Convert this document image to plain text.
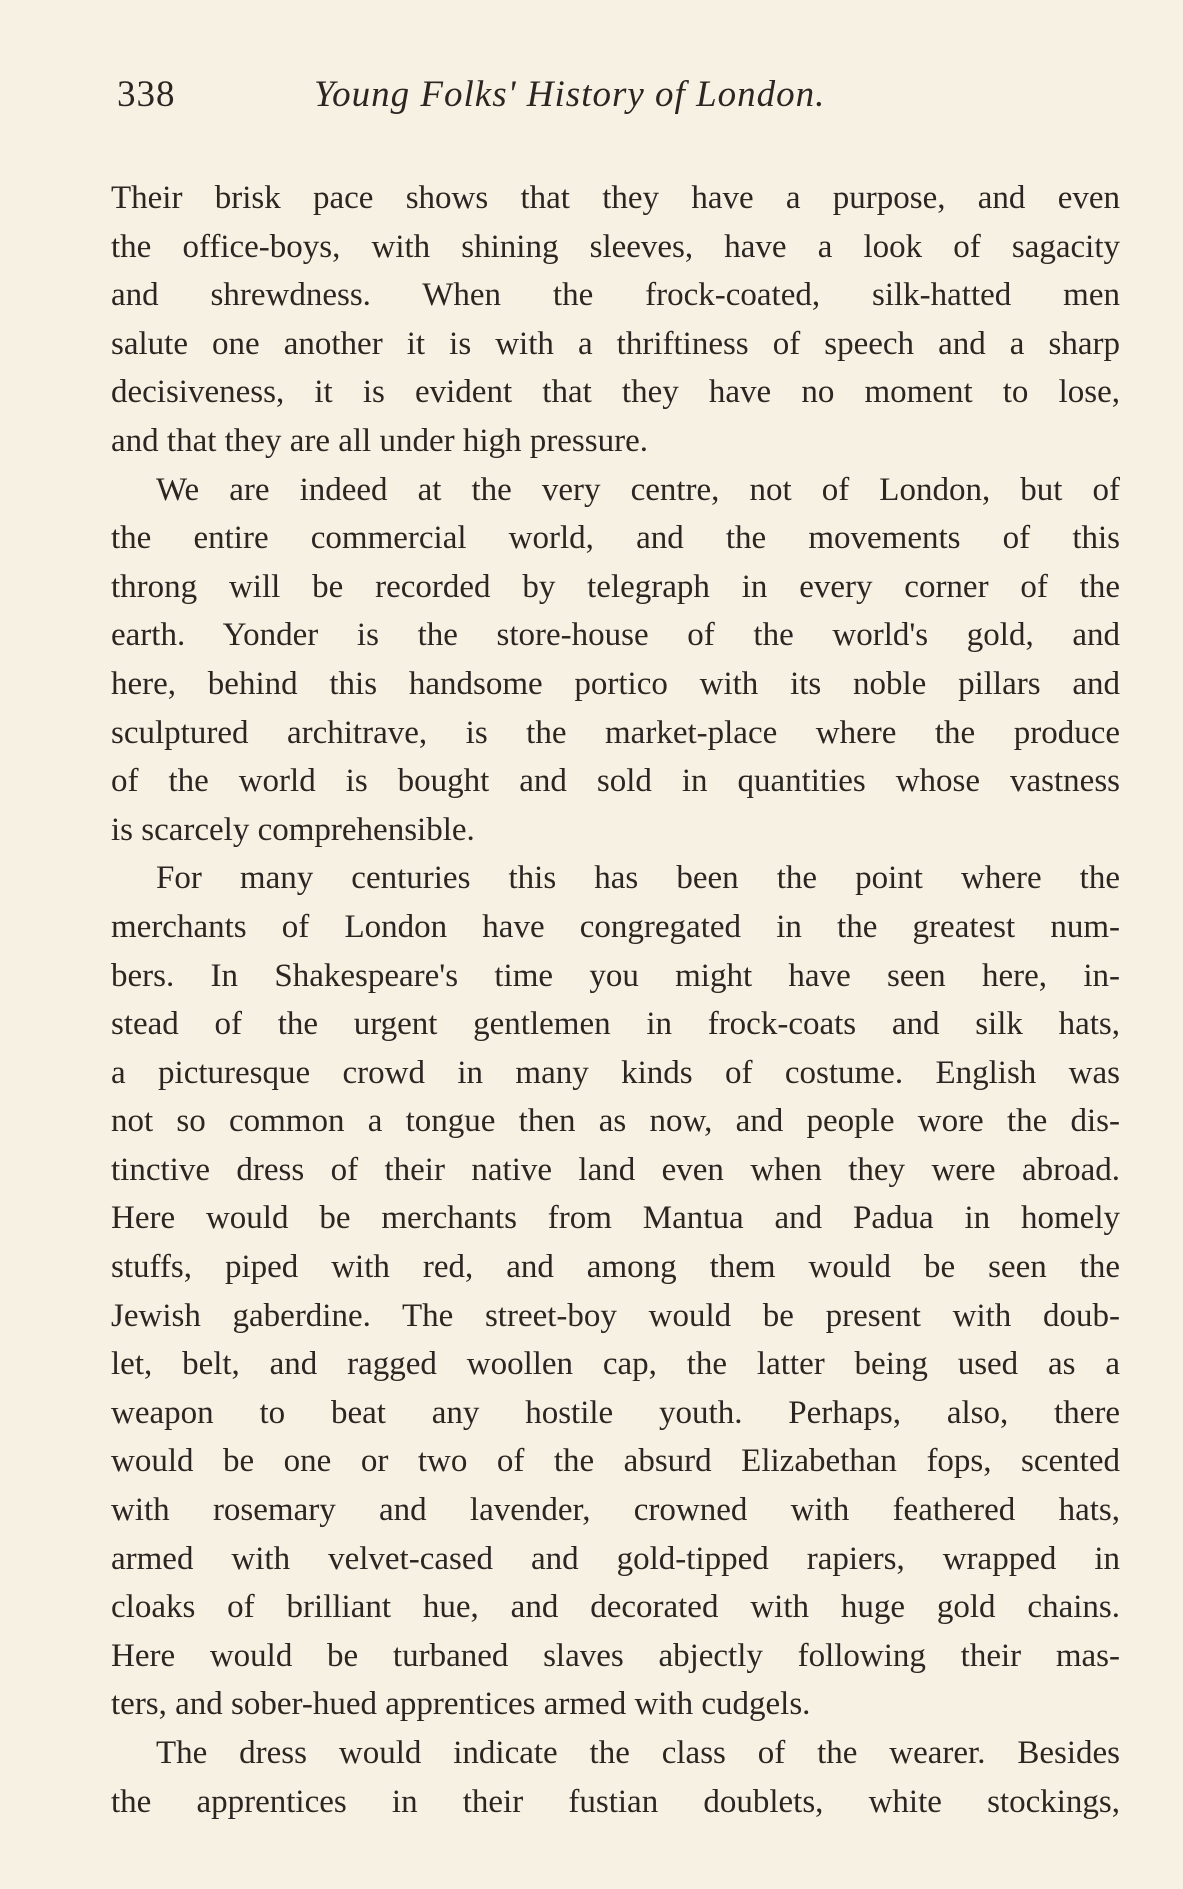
338	Young Folks' History of London.

Their brisk pace shows that they have a purpose, and even

the office-boys, with shining sleeves, have a look of sagacity

and shrewdness. When the frock-coated, silk-hatted men

salute one another it is with a thriftiness of speech and a sharp

decisiveness, it is evident that they have no moment to lose,

and that they are all under high pressure.

We are indeed at the very centre, not of London, but of

the entire commercial world, and the movements of this

throng will be recorded by telegraph in every corner of the

earth. Yonder is the store-house of the world's gold, and

here, behind this handsome portico with its noble pillars and

sculptured architrave, is the market-place where the produce

of the world is bought and sold in quantities whose vastness

is scarcely comprehensible.

For many centuries this has been the point where the

merchants of London have congregated in the greatest num-

bers. In Shakespeare's time you might have seen here, in-

stead of the urgent gentlemen in frock-coats and silk hats,

a picturesque crowd in many kinds of costume. English was

not so common a tongue then as now, and people wore the dis-

tinctive dress of their native land even when they were abroad.

Here would be merchants from Mantua and Padua in homely

stuffs, piped with red, and among them would be seen the

Jewish gaberdine. The street-boy would be present with doub-

let, belt, and ragged woollen cap, the latter being used as a

weapon to beat any hostile youth. Perhaps, also, there

would be one or two of the absurd Elizabethan fops, scented

with rosemary and lavender, crowned with feathered hats,

armed with velvet-cased and gold-tipped rapiers, wrapped in

cloaks of brilliant hue, and decorated with huge gold chains.

Here would be turbaned slaves abjectly following their mas-

ters, and sober-hued apprentices armed with cudgels.

The dress would indicate the class of the wearer. Besides

the apprentices in their fustian doublets, white stockings,
